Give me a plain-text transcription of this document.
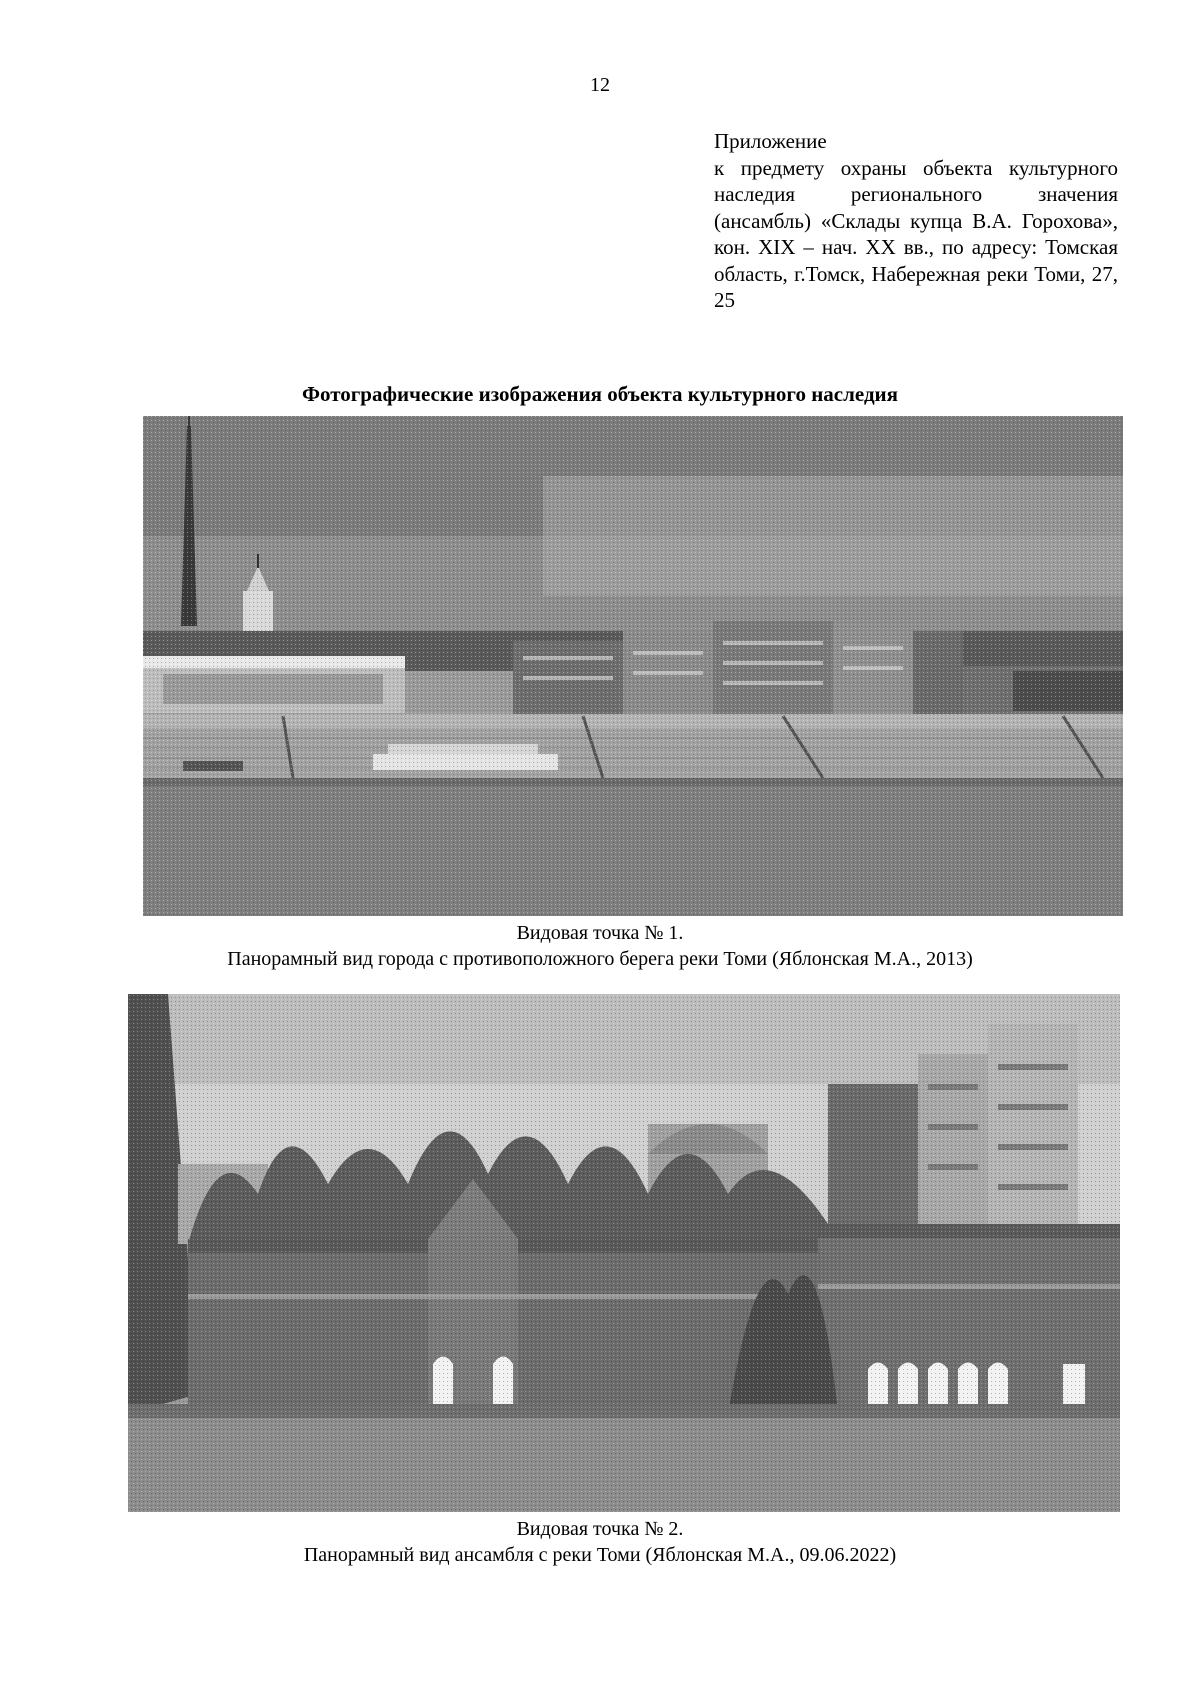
12
Приложение
к предмету охраны объекта культурного наследия регионального значения (ансамбль) «Склады купца В.А. Горохова», кон. XIX – нач. XX вв., по адресу: Томская область, г.Томск, Набережная реки Томи, 27, 25
Фотографические изображения объекта культурного наследия
Видовая точка № 1.
Панорамный вид города с противоположного берега реки Томи (Яблонская М.А., 2013)
Видовая точка № 2.
Панорамный вид ансамбля с реки Томи (Яблонская М.А., 09.06.2022)
